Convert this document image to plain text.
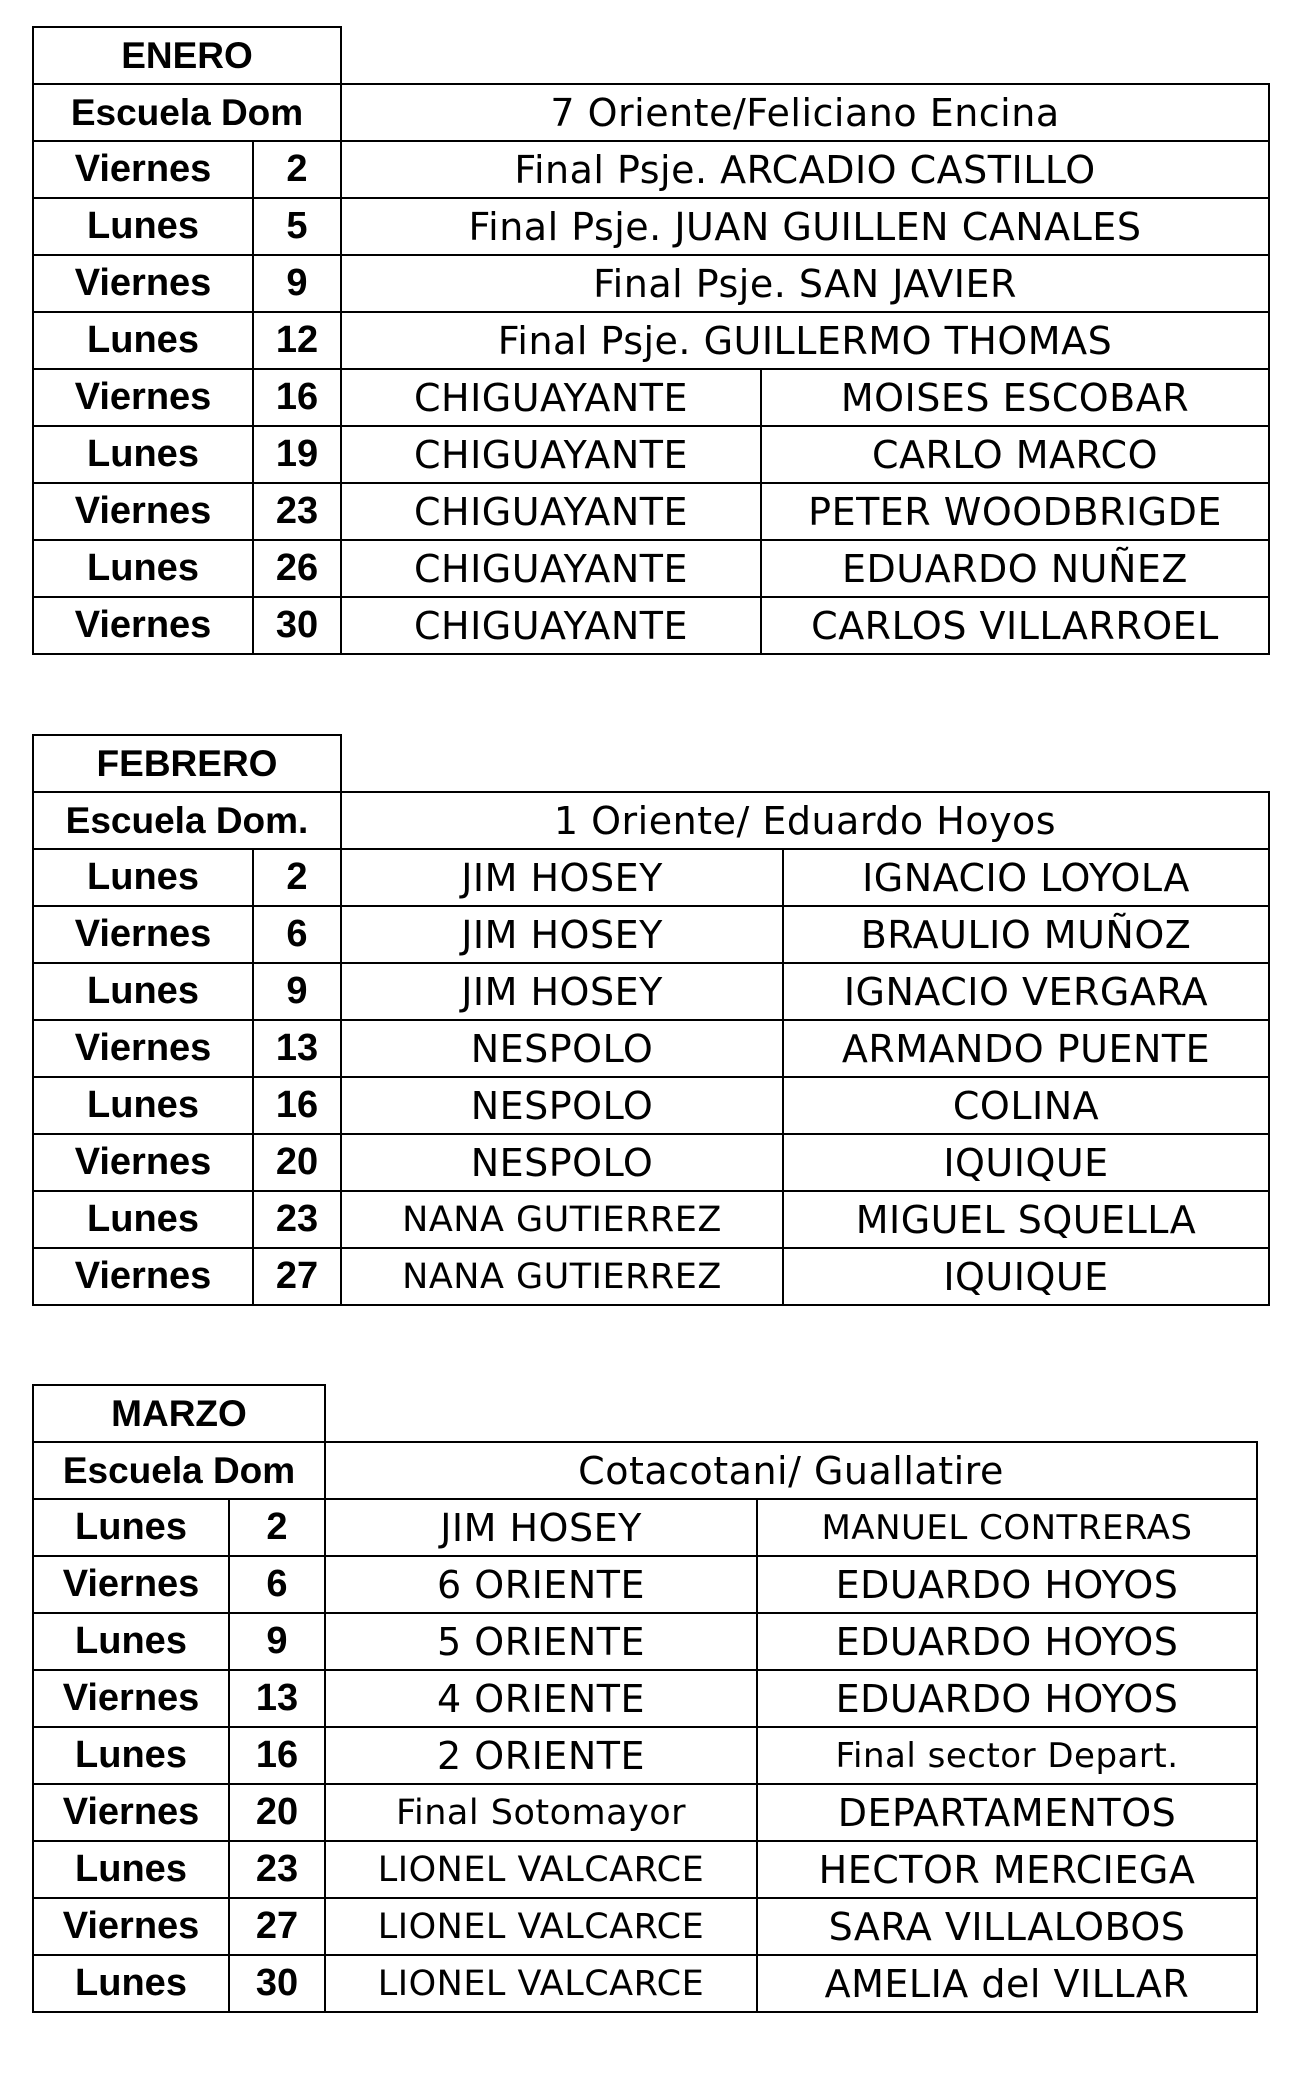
ENERO			
Escuela Dom		7 Oriente/Feliciano Encina	
Viernes	2	Final Psje. ARCADIO CASTILLO	
Lunes	5	Final Psje. JUAN GUILLEN CANALES	
Viernes	9	Final Psje. SAN JAVIER	
Lunes	12	Final Psje. GUILLERMO THOMAS	
Viernes	16	CHIGUAYANTE	MOISES ESCOBAR
Lunes	19	CHIGUAYANTE	CARLO MARCO
Viernes	23	CHIGUAYANTE	PETER WOODBRIGDE
Lunes	26	CHIGUAYANTE	EDUARDO NUÑEZ
Viernes	30	CHIGUAYANTE	CARLOS VILLARROEL
FEBRERO			
Escuela Dom.		1 Oriente/ Eduardo Hoyos	
Lunes	2	JIM HOSEY	IGNACIO LOYOLA
Viernes	6	JIM HOSEY	BRAULIO MUÑOZ
Lunes	9	JIM HOSEY	IGNACIO VERGARA
Viernes	13	NESPOLO	ARMANDO PUENTE
Lunes	16	NESPOLO	COLINA
Viernes	20	NESPOLO	IQUIQUE
Lunes	23	NANA GUTIERREZ	MIGUEL SQUELLA
Viernes	27	NANA GUTIERREZ	IQUIQUE
MARZO			
Escuela Dom		Cotacotani/ Guallatire	
Lunes	2	JIM HOSEY	MANUEL CONTRERAS
Viernes	6	6 ORIENTE	EDUARDO HOYOS
Lunes	9	5 ORIENTE	EDUARDO HOYOS
Viernes	13	4 ORIENTE	EDUARDO HOYOS
Lunes	16	2 ORIENTE	Final sector Depart.
Viernes	20	Final Sotomayor	DEPARTAMENTOS
Lunes	23	LIONEL VALCARCE	HECTOR MERCIEGA
Viernes	27	LIONEL VALCARCE	SARA VILLALOBOS
Lunes	30	LIONEL VALCARCE	AMELIA del VILLAR
